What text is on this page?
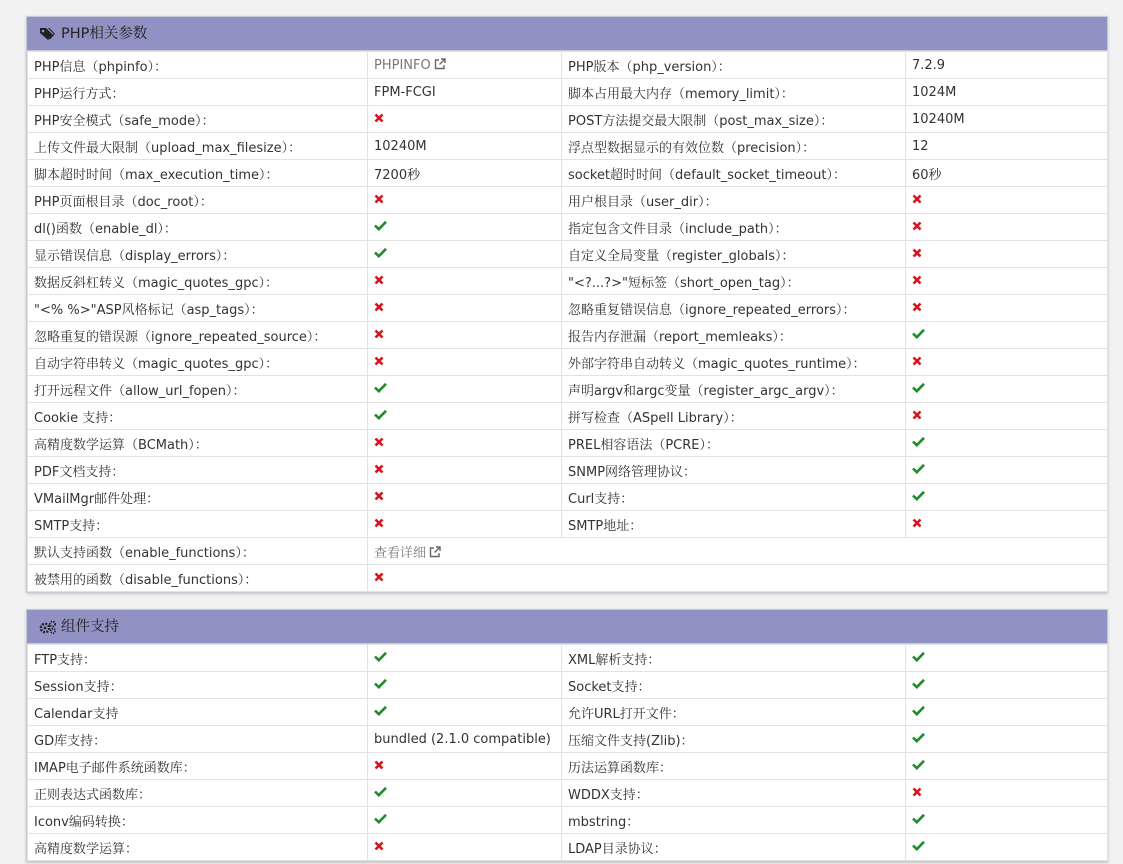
PHP相关参数
PHP信息（phpinfo）：	PHPINFO	PHP版本（php_version）：	7.2.9
PHP运行方式：	FPM-FCGI	脚本占用最大内存（memory_limit）：	1024M
PHP安全模式（safe_mode）：		POST方法提交最大限制（post_max_size）：	10240M
上传文件最大限制（upload_max_filesize）：	10240M	浮点型数据显示的有效位数（precision）：	12
脚本超时时间（max_execution_time）：	7200秒	socket超时时间（default_socket_timeout）：	60秒
PHP页面根目录（doc_root）：		用户根目录（user_dir）：	

dl()函数（enable_dl）：		指定包含文件目录（include_path）：	

显示错误信息（display_errors）：		自定义全局变量（register_globals）：	

数据反斜杠转义（magic_quotes_gpc）：		"<?...?>"短标签（short_open_tag）：	

"<% %>"ASP风格标记（asp_tags）：		忽略重复错误信息（ignore_repeated_errors）：	

忽略重复的错误源（ignore_repeated_source）：		报告内存泄漏（report_memleaks）：	

自动字符串转义（magic_quotes_gpc）：		外部字符串自动转义（magic_quotes_runtime）：	

打开远程文件（allow_url_fopen）：		声明argv和argc变量（register_argc_argv）：	

Cookie 支持：		拼写检查（ASpell Library）：	

高精度数学运算（BCMath）：		PREL相容语法（PCRE）：	

PDF文档支持：		SNMP网络管理协议：	

VMailMgr邮件处理：		Curl支持：	

SMTP支持：		SMTP地址：	

默认支持函数（enable_functions）：	查看详细		
被禁用的函数（disable_functions）：	
组件支持
FTP支持：		XML解析支持：	

Session支持：		Socket支持：	

Calendar支持		允许URL打开文件：	

GD库支持：	bundled (2.1.0 compatible)	压缩文件支持(Zlib)：	

IMAP电子邮件系统函数库：		历法运算函数库：	

正则表达式函数库：		WDDX支持：	

Iconv编码转换：		mbstring：	

高精度数学运算：		LDAP目录协议：	
